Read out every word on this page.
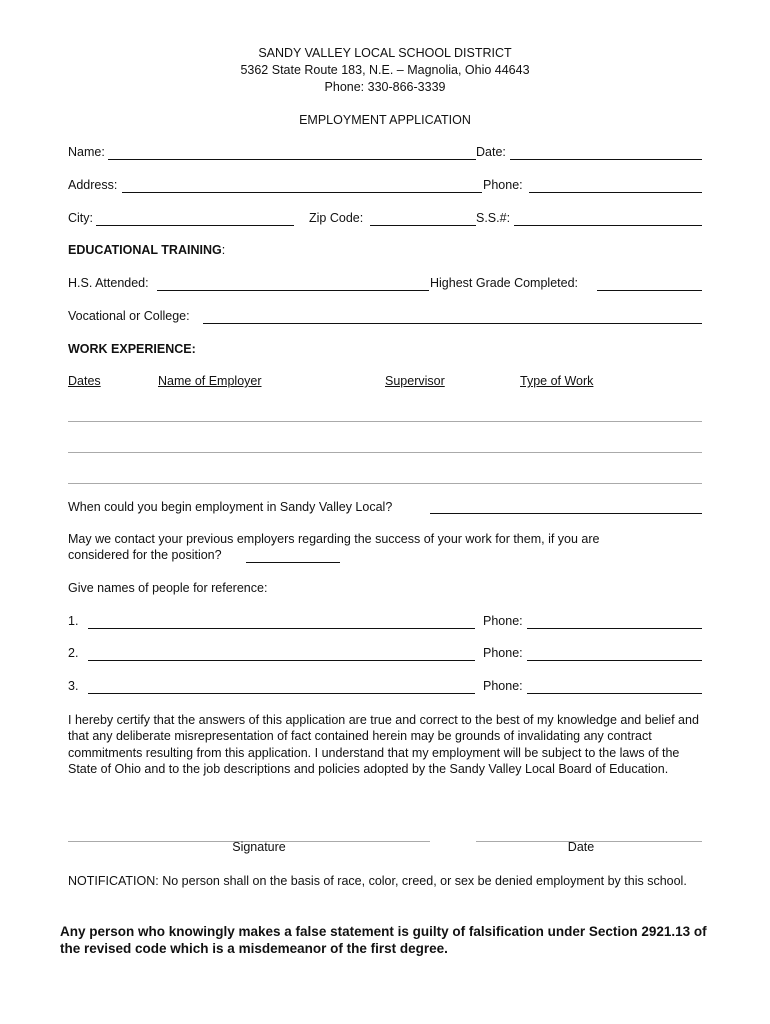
SANDY VALLEY LOCAL SCHOOL DISTRICT
5362 State Route 183, N.E. – Magnolia, Ohio 44643
Phone: 330-866-3339
EMPLOYMENT APPLICATION
Name:	Date:
Address:	Phone:
City:	Zip Code:	S.S.#:
EDUCATIONAL TRAINING:
H.S. Attended:	Highest Grade Completed:
Vocational or College:
WORK EXPERIENCE:
Dates	Name of Employer	Supervisor	Type of Work
When could you begin employment in Sandy Valley Local?
May we contact your previous employers regarding the success of your work for them, if you are
considered for the position?
Give names of people for reference:
1.	Phone:
2.	Phone:
3.	Phone:
I hereby certify that the answers of this application are true and correct to the best of my knowledge and belief and that any deliberate misrepresentation of fact contained herein may be grounds of invalidating any contract commitments resulting from this application. I understand that my employment will be subject to the laws of the State of Ohio and to the job descriptions and policies adopted by the Sandy Valley Local Board of Education.
Signature	Date
NOTIFICATION: No person shall on the basis of race, color, creed, or sex be denied employment by this school.
Any person who knowingly makes a false statement is guilty of falsification under Section 2921.13 of the revised code which is a misdemeanor of the first degree.
